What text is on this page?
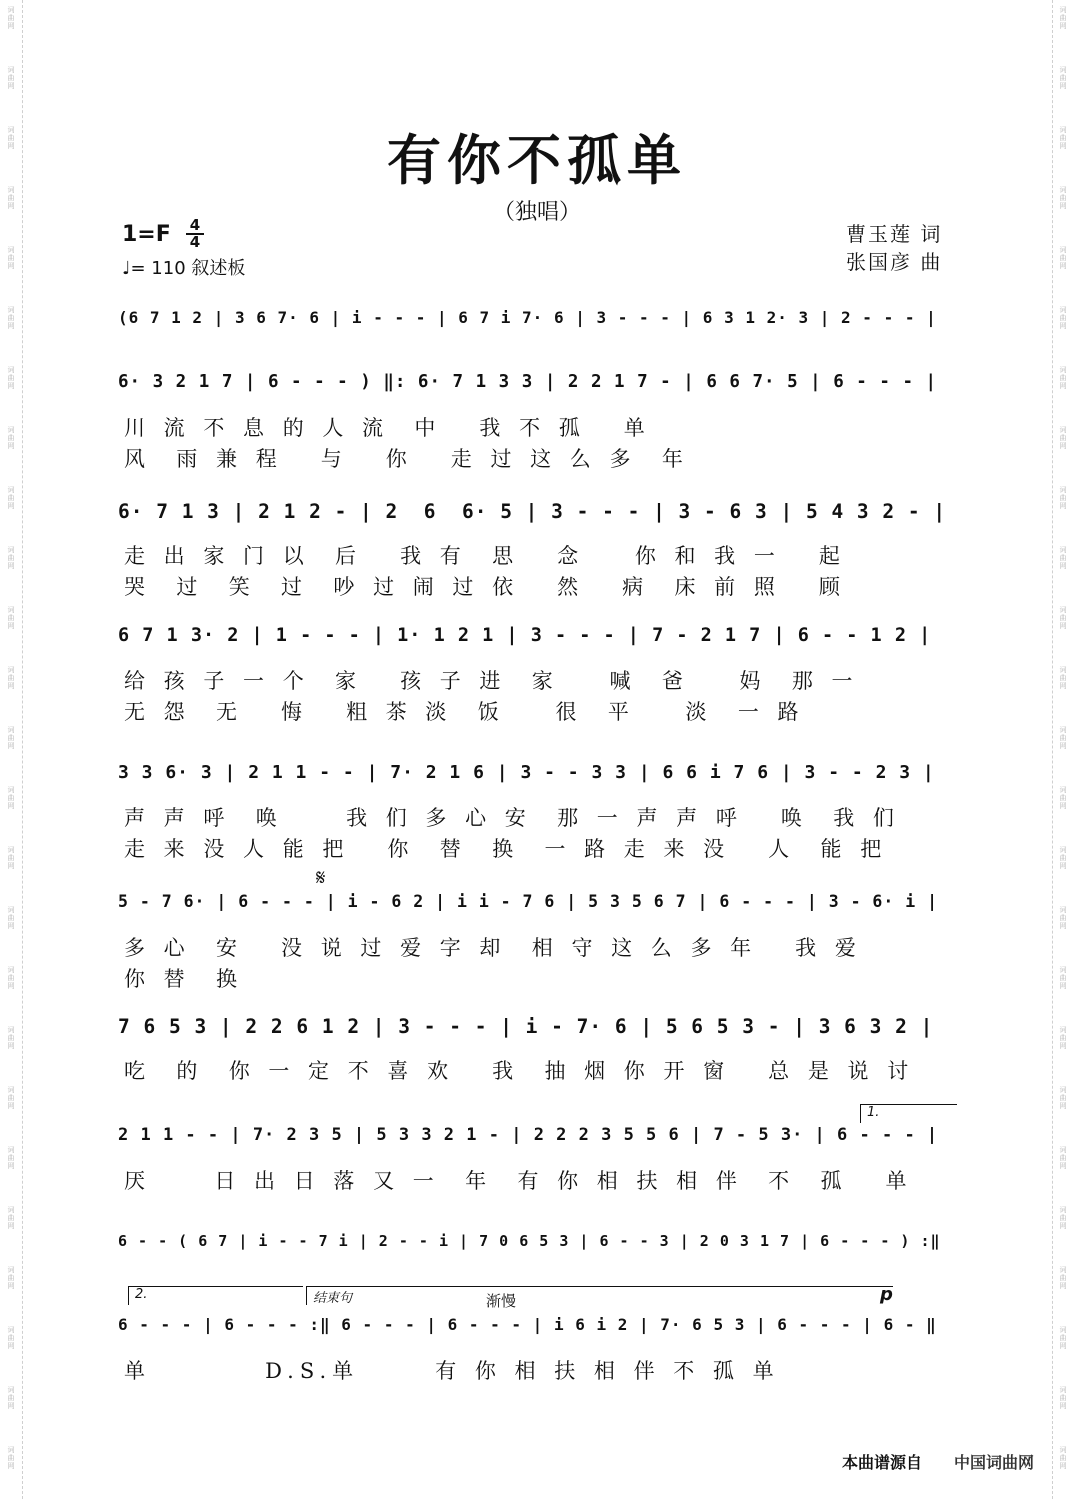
有你不孤单
（独唱）
1=F 4
4
♩= 110 叙述板
曹玉莲 词
张国彦 曲
(6 7 1 2 | 3 6 7· 6 | i - - - | 6 7 i 7· 6 | 3 - - - | 6 3 1 2· 3 | 2 - - - |
6· 3 2 1 7 | 6 - - - ) ‖: 6· 7 1 3 3 | 2 2 1 7 - | 6 6 7· 5 | 6 - - - |
川 流 不 息 的 人 流  中   我 不 孤   单
风  雨 兼 程   与   你   走 过 这 么 多  年
6· 7 1 3 | 2 1 2 - | 2  6  6· 5 | 3 - - - | 3 - 6 3 | 5 4 3 2 - |
走 出 家 门 以  后   我 有  思   念    你 和 我 一   起
哭  过  笑  过  吵 过 闹 过 依   然   病  床 前 照   顾
6 7 1 3· 2 | 1 - - - | 1· 1 2 1 | 3 - - - | 7 - 2 1 7 | 6 - - 1 2 |
给 孩 子 一 个  家   孩 子 进  家    喊  爸    妈  那 一
无 怨  无   悔   粗 茶 淡  饭    很  平    淡  一 路
3 3 6· 3 | 2 1 1 - - | 7· 2 1 6 | 3 - - 3 3 | 6 6 i 7 6 | 3 - - 2 3 |
声 声 呼  唤     我 们 多 心 安  那 一 声 声 呼   唤  我 们
走 来 没 人 能 把   你  替  换  一 路 走 来 没   人  能 把
5 - 7 6· | 6 - - - | i - 6 2 | i i - 7 6 | 5 3 5 6 7 | 6 - - - | 3 - 6· i |
多 心  安   没 说 过 爱 字 却  相 守 这 么 多 年   我 爱
你 替  换
7 6 5 3 | 2 2 6 1 2 | 3 - - - | i - 7· 6 | 5 6 5 3 - | 3 6 3 2 |
吃  的  你 一 定 不 喜 欢   我  抽 烟 你 开 窗   总 是 说 讨
2 1 1 - - | 7· 2 3 5 | 5 3 3 2 1 - | 2 2 2 3 5 5 6 | 7 - 5 3· | 6 - - - |
厌     日 出 日 落 又 一  年  有 你 相 扶 相 伴  不  孤   单
6 - - ( 6 7 | i - - 7 i | 2 - - i | 7 0 6 5 3 | 6 - - 3 | 2 0 3 1 7 | 6 - - - ) :‖
6 - - - | 6 - - - :‖ 6 - - - | 6 - - - | i 6 i 2 | 7· 6 5 3 | 6 - - - | 6 - ‖
单         D.S.单      有 你 相 扶 相 伴 不 孤 单
𝄋
1.
2.	结束句	渐慢	p
本曲谱源自 中国词曲网
词
曲
网
词
曲
网
词
曲
网
词
曲
网
词
曲
网
词
曲
网
词
曲
网
词
曲
网
词
曲
网
词
曲
网
词
曲
网
词
曲
网
词
曲
网
词
曲
网
词
曲
网
词
曲
网
词
曲
网
词
曲
网
词
曲
网
词
曲
网
词
曲
网
词
曲
网
词
曲
网
词
曲
网
词
曲
网
词
曲
网
词
曲
网
词
曲
网
词
曲
网
词
曲
网
词
曲
网
词
曲
网
词
曲
网
词
曲
网
词
曲
网
词
曲
网
词
曲
网
词
曲
网
词
曲
网
词
曲
网
词
曲
网
词
曲
网
词
曲
网
词
曲
网
词
曲
网
词
曲
网
词
曲
网
词
曲
网
词
曲
网
词
曲
网
